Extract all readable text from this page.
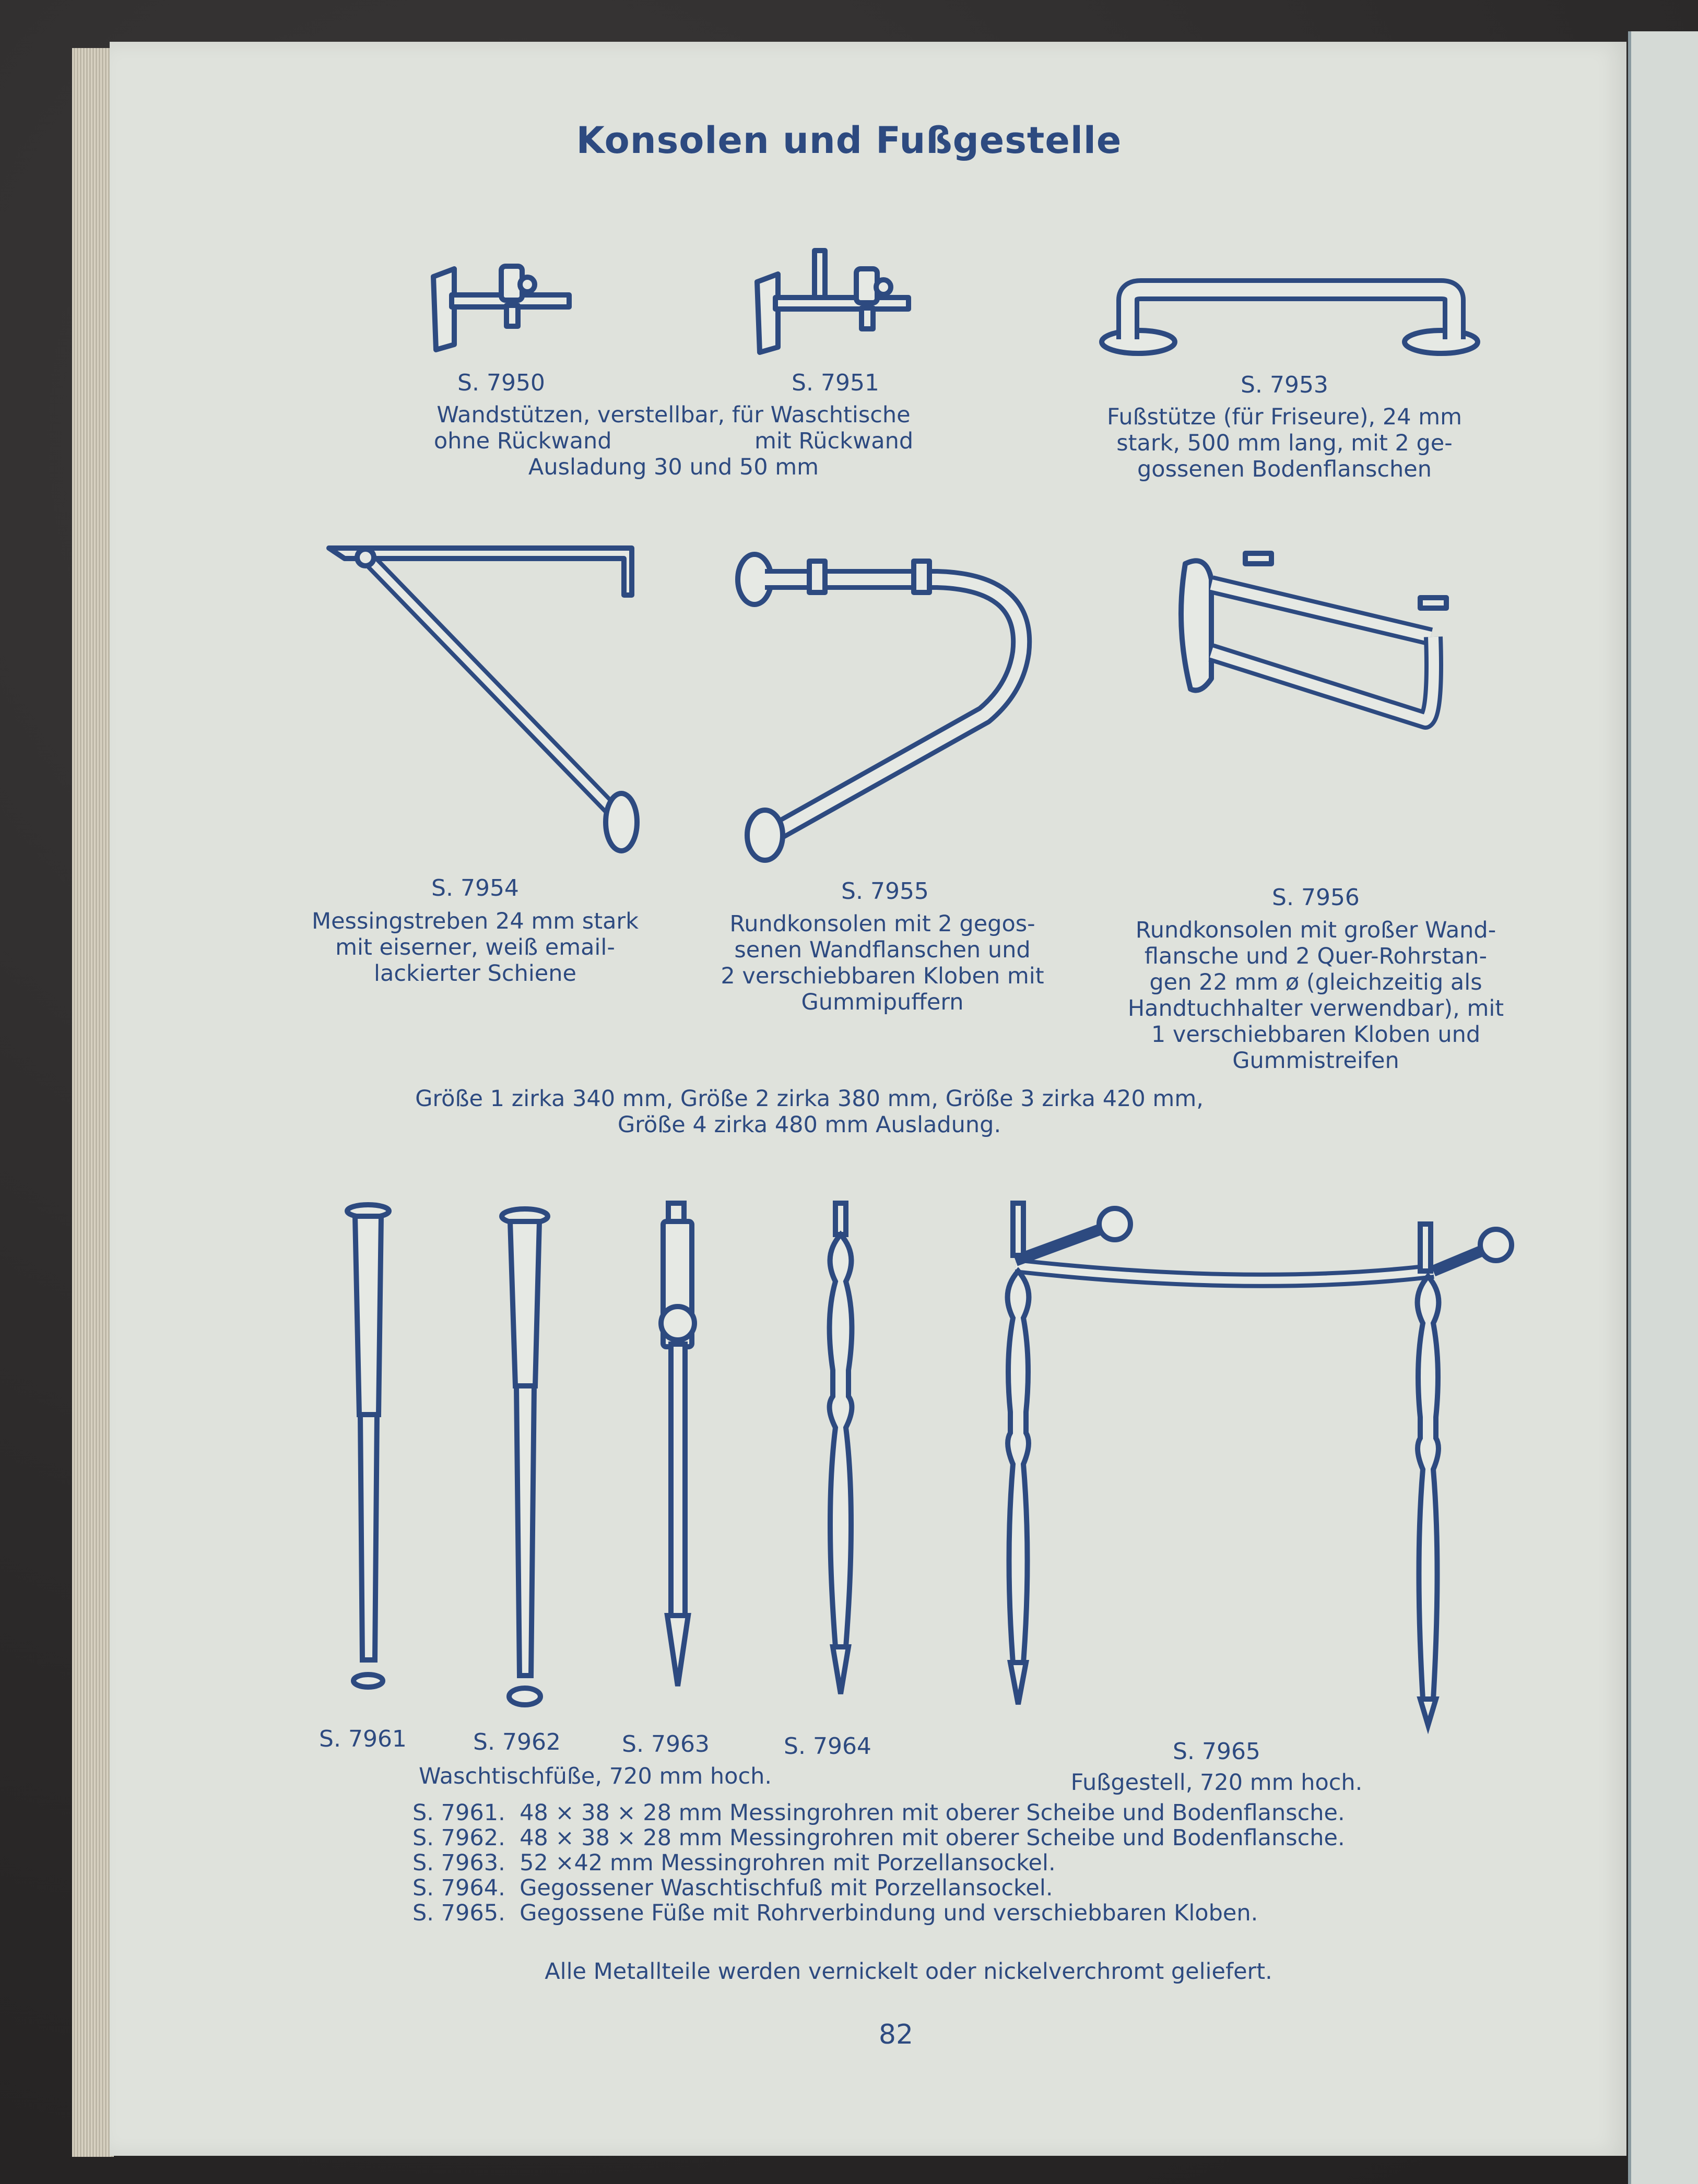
Konsolen und Fußgestelle

S. 7950	S. 7951

Wandstützen, verstellbar, für Waschtische
ohne Rückwand                    mit Rückwand
Ausladung 30 und 50 mm

S. 7953

Fußstütze (für Friseure), 24 mm
stark, 500 mm lang, mit 2 ge-
gossenen Bodenflanschen

S. 7954

Messingstreben 24 mm stark
mit eiserner, weiß email-
lackierter Schiene

S. 7955

Rundkonsolen mit 2 gegos-
senen Wandflanschen und
2 verschiebbaren Kloben mit
Gummipuffern

S. 7956

Rundkonsolen mit großer Wand-
flansche und 2 Quer-Rohrstan-
gen 22 mm ø (gleichzeitig als
Handtuchhalter verwendbar), mit
1 verschiebbaren Kloben und
Gummistreifen

Größe 1 zirka 340 mm, Größe 2 zirka 380 mm, Größe 3 zirka 420 mm,
Größe 4 zirka 480 mm Ausladung.

S. 7961	S. 7962	S. 7963	S. 7964	S. 7965

Waschtischfüße, 720 mm hoch.	Fußgestell, 720 mm hoch.

S. 7961.  48 × 38 × 28 mm Messingrohren mit oberer Scheibe und Bodenflansche.

S. 7962.  48 × 38 × 28 mm Messingrohren mit oberer Scheibe und Bodenflansche.

S. 7963.  52 ×42 mm Messingrohren mit Porzellansockel.

S. 7964.  Gegossener Waschtischfuß mit Porzellansockel.

S. 7965.  Gegossene Füße mit Rohrverbindung und verschiebbaren Kloben.

Alle Metallteile werden vernickelt oder nickelverchromt geliefert.

82
